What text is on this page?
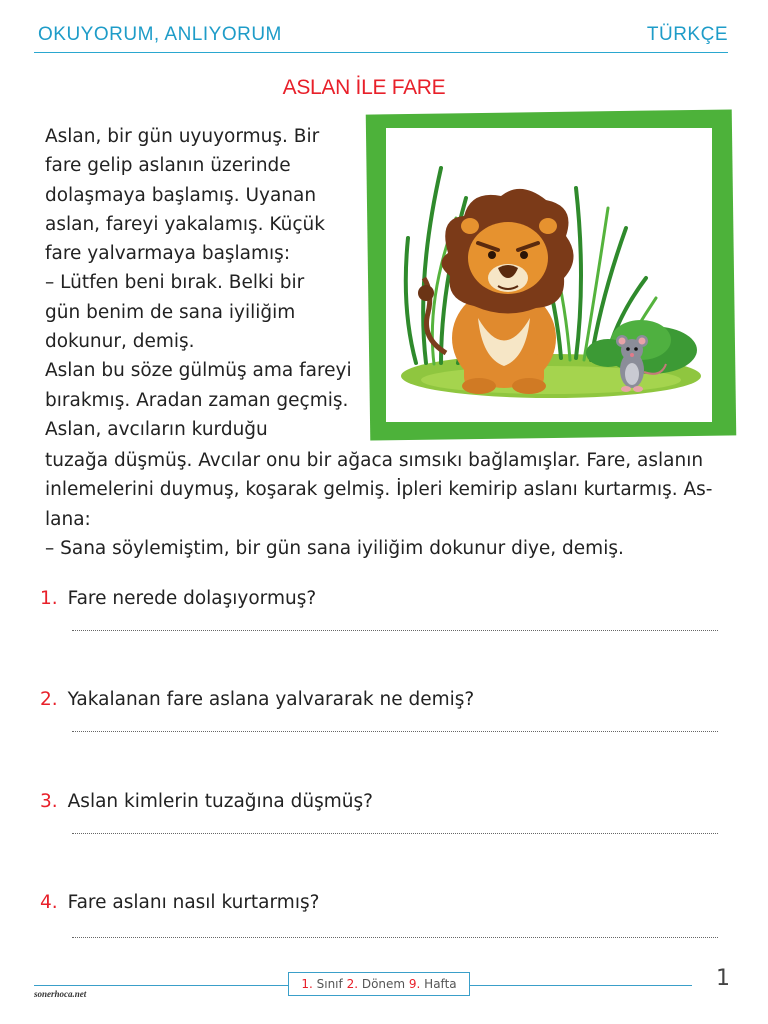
OKUYORUM, ANLIYORUM	TÜRKÇE
ASLAN İLE FARE
Aslan, bir gün uyuyormuş. Bir
fare gelip aslanın üzerinde
dolaşmaya başlamış. Uyanan
aslan, fareyi yakalamış. Küçük
fare yalvarmaya başlamış:
– Lütfen beni bırak. Belki bir
gün benim de sana iyiliğim
dokunur, demiş.
Aslan bu söze gülmüş ama fareyi
bırakmış. Aradan zaman geçmiş.
Aslan, avcıların kurduğu
tuzağa düşmüş. Avcılar onu bir ağaca sımsıkı bağlamışlar. Fare, aslanın
inlemelerini duymuş, koşarak gelmiş. İpleri kemirip aslanı kurtarmış. As-
lana:
– Sana söylemiştim, bir gün sana iyiliğim dokunur diye, demiş.
1. Fare nerede dolaşıyormuş?
2. Yakalanan fare aslana yalvararak ne demiş?
3. Aslan kimlerin tuzağına düşmüş?
4. Fare aslanı nasıl kurtarmış?
sonerhoca.net
1. Sınıf 2. Dönem 9. Hafta	1
